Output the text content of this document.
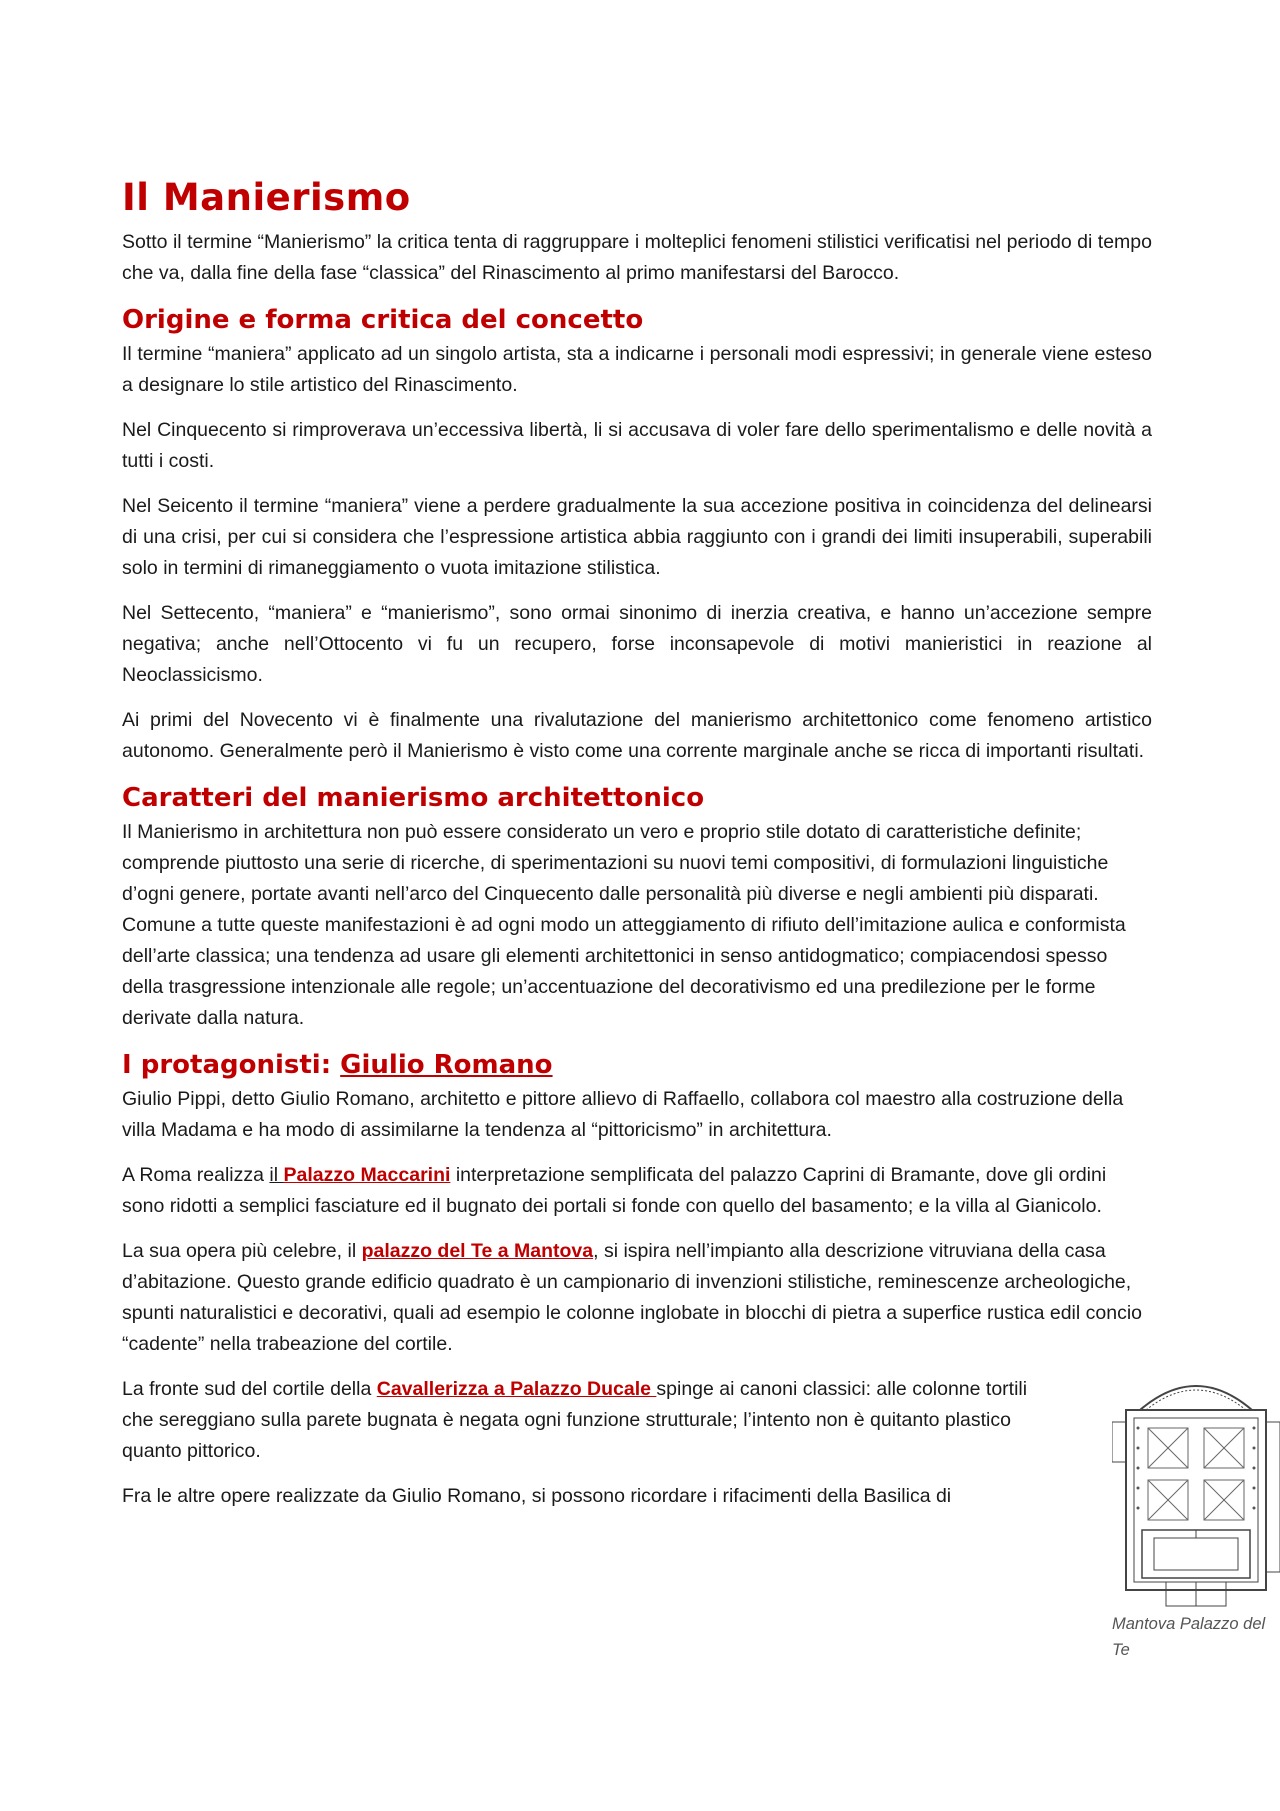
Il Manierismo

Sotto il termine “Manierismo” la critica tenta di raggruppare i molteplici fenomeni stilistici verificatisi nel periodo di tempo che va, dalla fine della fase “classica” del Rinascimento al primo manifestarsi del Barocco.

Origine e forma critica del concetto

Il termine “maniera” applicato ad un singolo artista, sta a indicarne i personali modi espressivi; in generale viene esteso a designare lo stile artistico del Rinascimento.

Nel Cinquecento si rimproverava un’eccessiva libertà, li si accusava di voler fare dello sperimentalismo e delle novità a tutti i costi.

Nel Seicento il termine “maniera” viene a perdere gradualmente la sua accezione positiva in coincidenza del delinearsi di una crisi, per cui si considera che l’espressione artistica abbia raggiunto con i grandi dei limiti insuperabili, superabili solo in termini di rimaneggiamento o vuota imitazione stilistica.

Nel Settecento, “maniera” e “manierismo”, sono ormai sinonimo di inerzia creativa, e hanno un’accezione sempre negativa; anche nell’Ottocento vi fu un recupero, forse inconsapevole di motivi manieristici in reazione al Neoclassicismo.

Ai primi del Novecento vi è finalmente una rivalutazione del manierismo architettonico come fenomeno artistico autonomo. Generalmente però il Manierismo è visto come una corrente marginale anche se ricca di importanti risultati.

Caratteri del manierismo architettonico

Il Manierismo in architettura non può essere considerato un vero e proprio stile dotato di caratteristiche definite; comprende piuttosto una serie di ricerche, di sperimentazioni su nuovi temi compositivi, di formulazioni linguistiche d’ogni genere, portate avanti nell’arco del Cinquecento dalle personalità più diverse e negli ambienti più disparati. Comune a tutte queste manifestazioni è ad ogni modo un atteggiamento di rifiuto dell’imitazione aulica e conformista dell’arte classica; una tendenza ad usare gli elementi architettonici in senso antidogmatico; compiacendosi spesso della trasgressione intenzionale alle regole; un’accentuazione del decorativismo ed una predilezione per le forme derivate dalla natura.

I protagonisti: Giulio Romano

Giulio Pippi, detto Giulio Romano, architetto e pittore allievo di Raffaello, collabora col maestro alla costruzione della villa Madama e ha modo di assimilarne la tendenza al “pittoricismo” in architettura.

A Roma realizza il Palazzo Maccarini interpretazione semplificata del palazzo Caprini di Bramante, dove gli ordini sono ridotti a semplici fasciature ed il bugnato dei portali si fonde con quello del basamento; e la villa al Gianicolo.

La sua opera più celebre, il palazzo del Te a Mantova, si ispira nell’impianto alla descrizione vitruviana della casa d’abitazione. Questo grande edificio quadrato è un campionario di invenzioni stilistiche, reminescenze archeologiche, spunti naturalistici e decorativi, quali ad esempio le colonne inglobate in blocchi di pietra a superfice rustica edil concio “cadente” nella trabeazione del cortile.

La fronte sud del cortile della Cavallerizza a Palazzo Ducale spinge ai canoni classici: alle colonne tortili che sereggiano sulla parete bugnata è negata ogni funzione strutturale; l’intento non è quitanto plastico quanto pittorico.

Fra le altre opere realizzate da Giulio Romano, si possono ricordare i rifacimenti della Basilica di

Mantova Palazzo del Te
